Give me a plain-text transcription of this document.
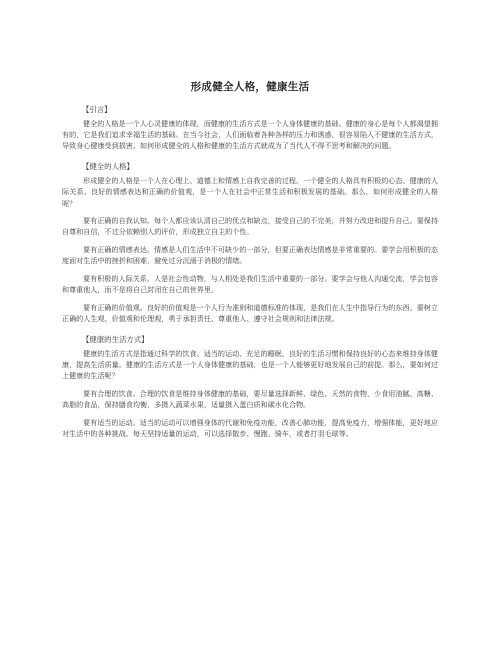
形成健全人格，健康生活
【引言】
健全的人格是一个人心灵健康的体现，而健康的生活方式是一个人身体健康的基础。健康的身心是每个人都渴望拥有的，它是我们追求幸福生活的基础。在当今社会，人们面临着各种各样的压力和诱惑，很容易陷入不健康的生活方式，导致身心健康受到损害。如何形成健全的人格和健康的生活方式就成为了当代人不得不思考和解决的问题。
【健全的人格】
形成健全的人格是一个人在心理上、道德上和情感上自我完善的过程。一个健全的人格具有积极的心态、健康的人际关系、良好的情感表达和正确的价值观，是一个人在社会中正常生活和积极发展的基础。那么，如何形成健全的人格呢？
要有正确的自我认知。每个人都应该认清自己的优点和缺点，接受自己的不完美，并努力改进和提升自己。要保持自尊和自信，不过分依赖别人的评价，形成独立自主的个性。
要有正确的情感表达。情感是人们生活中不可缺少的一部分，但要正确表达情感是非常重要的。要学会用积极的态度面对生活中的挫折和困难，避免过分沉溺于消极的情绪。
要有积极的人际关系。人是社会性动物，与人相处是我们生活中重要的一部分。要学会与他人沟通交流，学会包容和尊重他人，而不是将自己封闭在自己的世界里。
要有正确的价值观。良好的价值观是一个人行为准则和道德标准的体现，是我们在人生中指导行为的东西。要树立正确的人生观、价值观和伦理观，勇于承担责任、尊重他人、遵守社会规则和法律法规。
【健康的生活方式】
健康的生活方式是指通过科学的饮食、适当的运动、充足的睡眠、良好的生活习惯和保持良好的心态来维持身体健康，提高生活质量。健康的生活方式是一个人身体健康的基础，也是一个人能够更好地发展自己的前提。那么，要如何过上健康的生活呢？
要有合理的饮食。合理的饮食是维持身体健康的基础，要尽量选择新鲜、绿色、天然的食物，少食用油腻、高糖、高脂的食品，保持膳食均衡，多摄入蔬菜水果，适量摄入蛋白质和碳水化合物。
要有适当的运动。适当的运动可以增强身体的代谢和免疫功能，改善心肺功能，提高免疫力，增强体能，更好地应对生活中的各种挑战。每天坚持适量的运动，可以选择散步、慢跑、骑车，或者打羽毛球等。
